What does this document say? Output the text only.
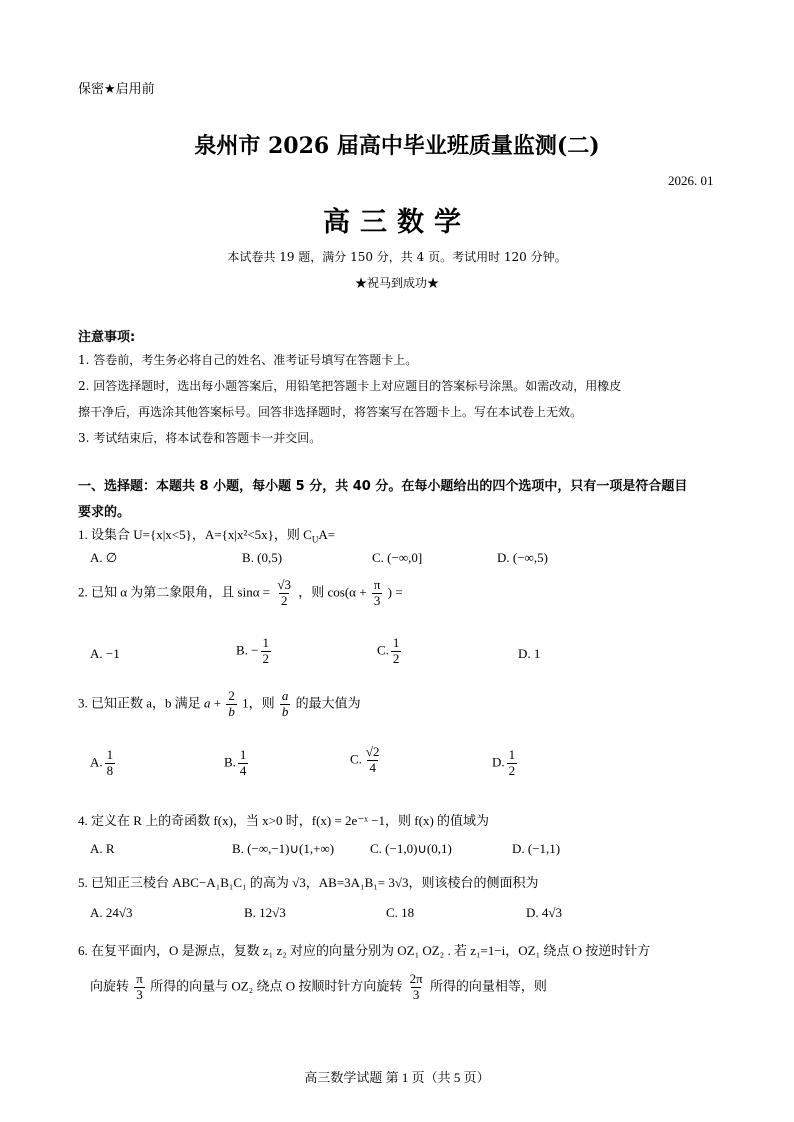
保密★启用前
泉州市 2026 届高中毕业班质量监测(二)
2026. 01
高三数学
本试卷共 19 题，满分 150 分，共 4 页。考试用时 120 分钟。
★祝马到成功★
注意事项:
1. 答卷前，考生务必将自己的姓名、准考证号填写在答题卡上。
2. 回答选择题时，选出每小题答案后，用铅笔把答题卡上对应题目的答案标号涂黑。如需改动，用橡皮
擦干净后，再选涂其他答案标号。回答非选择题时，将答案写在答题卡上。写在本试卷上无效。
3. 考试结束后，将本试卷和答题卡一并交回。
一、选择题：本题共 8 小题，每小题 5 分，共 40 分。在每小题给出的四个选项中，只有一项是符合题目
要求的。
1. 设集合 U={x|x<5}，A={x|x²<5x}，则 $C_UA=$
A. ∅	B. (0,5)	C. (−∞,0]	D. (−∞,5)
2. 已知 α 为第二象限角，且 $\sin\alpha = \frac{√3}{2}$ ，则 $\cos(\alpha + \frac{\pi}{3}$ ) =
A. −1	B. − $\frac{1}{2}$	C. $\frac{1}{2}$	D. 1
3. 已知正数 a，b 满足 $a + \frac{2}{b} 1$，则 $\frac{a}{b}$ 的最大值为
A. $\frac{1}{8}$	B. $\frac{1}{4}$	C. $\frac{√2}{4}$	D. $\frac{1}{2}$
4. 定义在 R 上的奇函数 f(x)，当 x>0 时，f(x) = 2e⁻ˣ −1，则 f(x) 的值域为
A. R	B. (−∞,−1)∪(1,+∞)	C. (−1,0)∪(0,1)	D. (−1,1)
5. 已知正三棱台 ABC−A₁B₁C₁ 的高为 √3，AB=3A₁B₁= 3√3，则该棱台的侧面积为
A. 24√3	B. 12√3	C. 18	D. 4√3
6. 在复平面内，O 是源点，复数 z₁ z₂ 对应的向量分别为 OZ₁ OZ₂ . 若 z₁=1−i，OZ₁ 绕点 O 按逆时针方
向旋转 $\frac{\pi}{3}$ 所得的向量与 OZ₂ 绕点 O 按顺时针方向旋转 $\frac{2\pi}{3}$ 所得的向量相等，则
高三数学试题 第 1 页（共 5 页）
